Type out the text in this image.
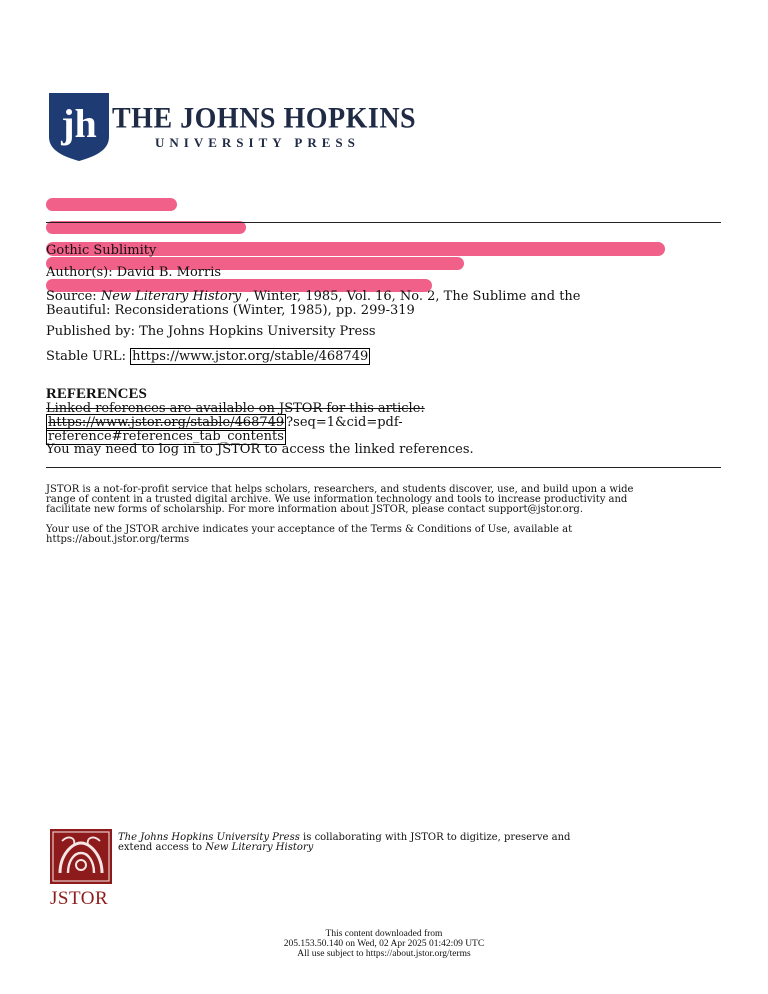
jh THE JOHNS HOPKINS
UNIVERSITY PRESS
Gothic Sublimity
Author(s): David B. Morris
Source: New Literary History , Winter, 1985, Vol. 16, No. 2, The Sublime and the
Beautiful: Reconsiderations (Winter, 1985), pp. 299-319
Published by: The Johns Hopkins University Press
Stable URL: https://www.jstor.org/stable/468749
REFERENCES
Linked references are available on JSTOR for this article:
https://www.jstor.org/stable/468749 ?seq=1&cid=pdf-
reference#references_tab_contents
You may need to log in to JSTOR to access the linked references.
JSTOR is a not-for-profit service that helps scholars, researchers, and students discover, use, and build upon a wide
range of content in a trusted digital archive. We use information technology and tools to increase productivity and
facilitate new forms of scholarship. For more information about JSTOR, please contact support@jstor.org.
Your use of the JSTOR archive indicates your acceptance of the Terms & Conditions of Use, available at
https://about.jstor.org/terms
JSTOR
The Johns Hopkins University Press is collaborating with JSTOR to digitize, preserve and
extend access to New Literary History
This content downloaded from
205.153.50.140 on Wed, 02 Apr 2025 01:42:09 UTC
All use subject to https://about.jstor.org/terms
